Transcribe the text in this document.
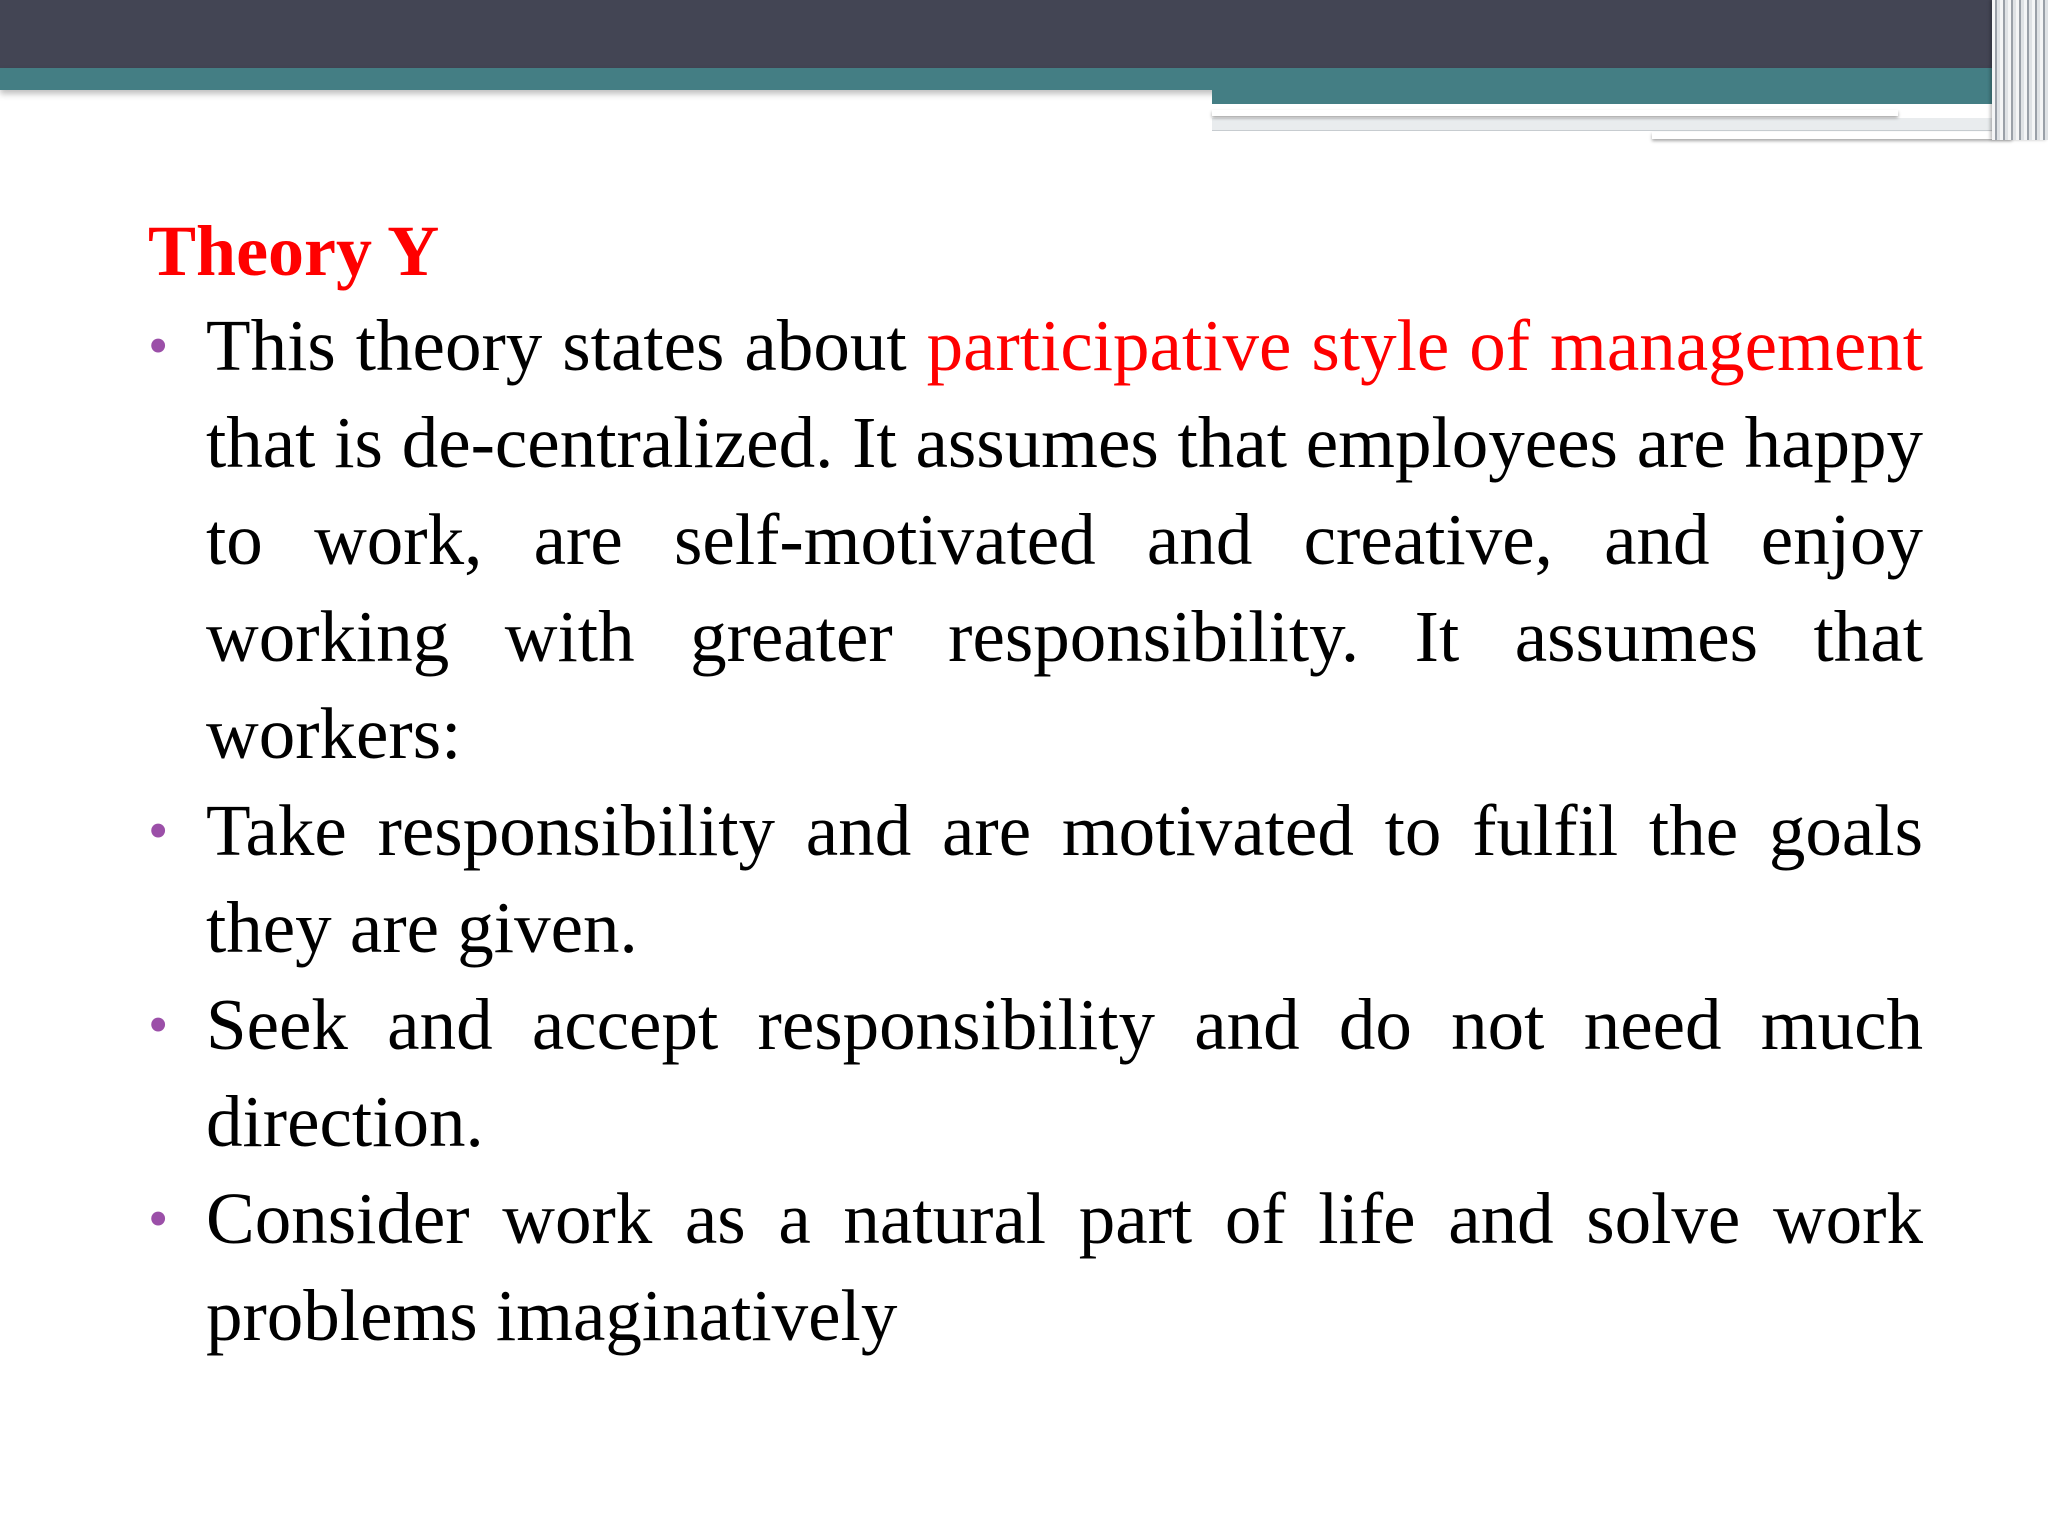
Theory Y
• This theory states about participative style of management that is de-centralized. It assumes that employees are happy to work, are self-motivated and creative, and enjoy working with greater responsibility. It assumes that workers:
• Take responsibility and are motivated to fulfil the goals they are given.
• Seek and accept responsibility and do not need much direction.
• Consider work as a natural part of life and solve work problems imaginatively
